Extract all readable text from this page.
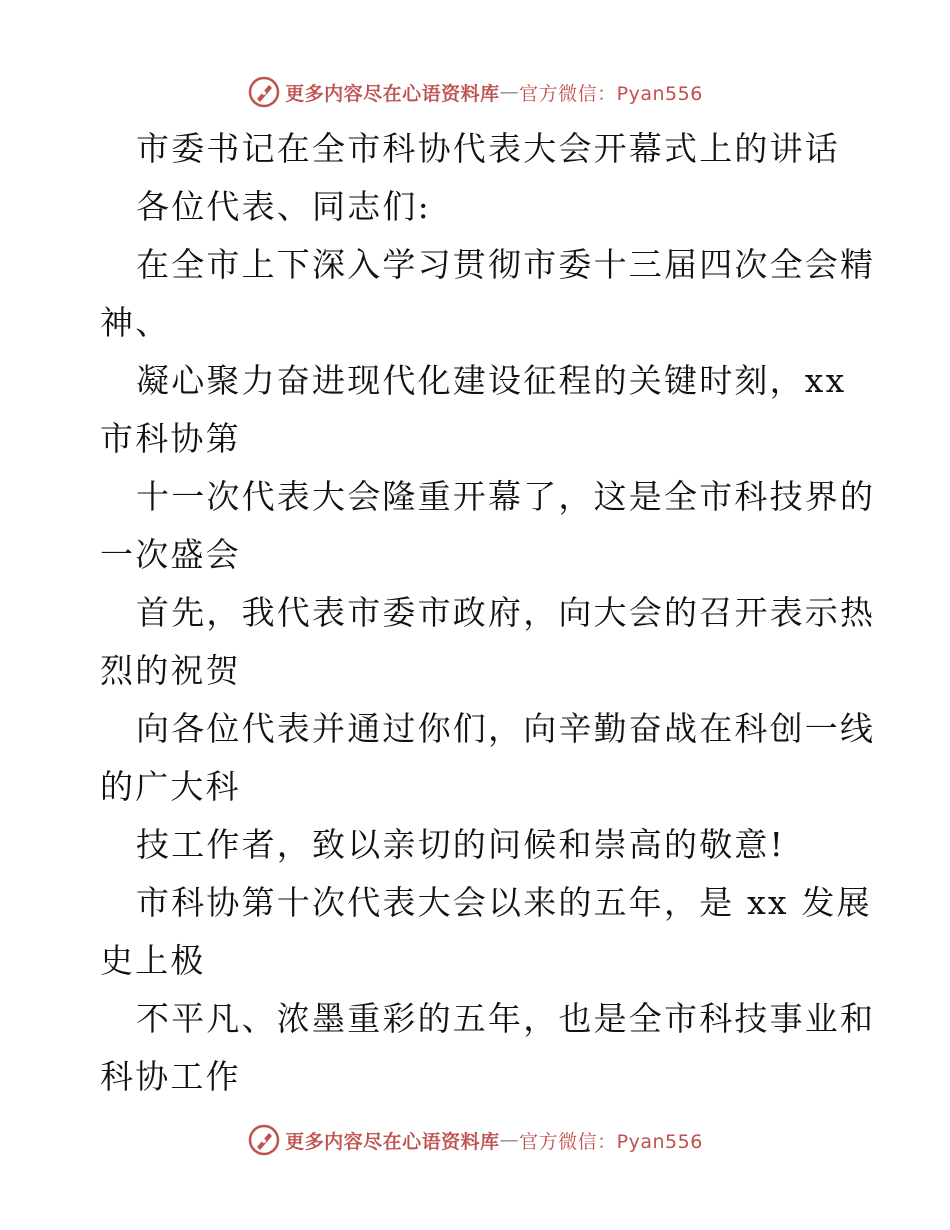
更多内容尽在心语资料库 — 官方微信：Pyan556
市委书记在全市科协代表大会开幕式上的讲话
各位代表、同志们:
在全市上下深入学习贯彻市委十三届四次全会精
神、
凝心聚力奋进现代化建设征程的关键时刻，xx
市科协第
十一次代表大会隆重开幕了，这是全市科技界的
一次盛会
首先，我代表市委市政府，向大会的召开表示热
烈的祝贺
向各位代表并通过你们，向辛勤奋战在科创一线
的广大科
技工作者，致以亲切的问候和崇高的敬意!
市科协第十次代表大会以来的五年，是 xx 发展
史上极
不平凡、浓墨重彩的五年，也是全市科技事业和
科协工作
更多内容尽在心语资料库 — 官方微信：Pyan556
